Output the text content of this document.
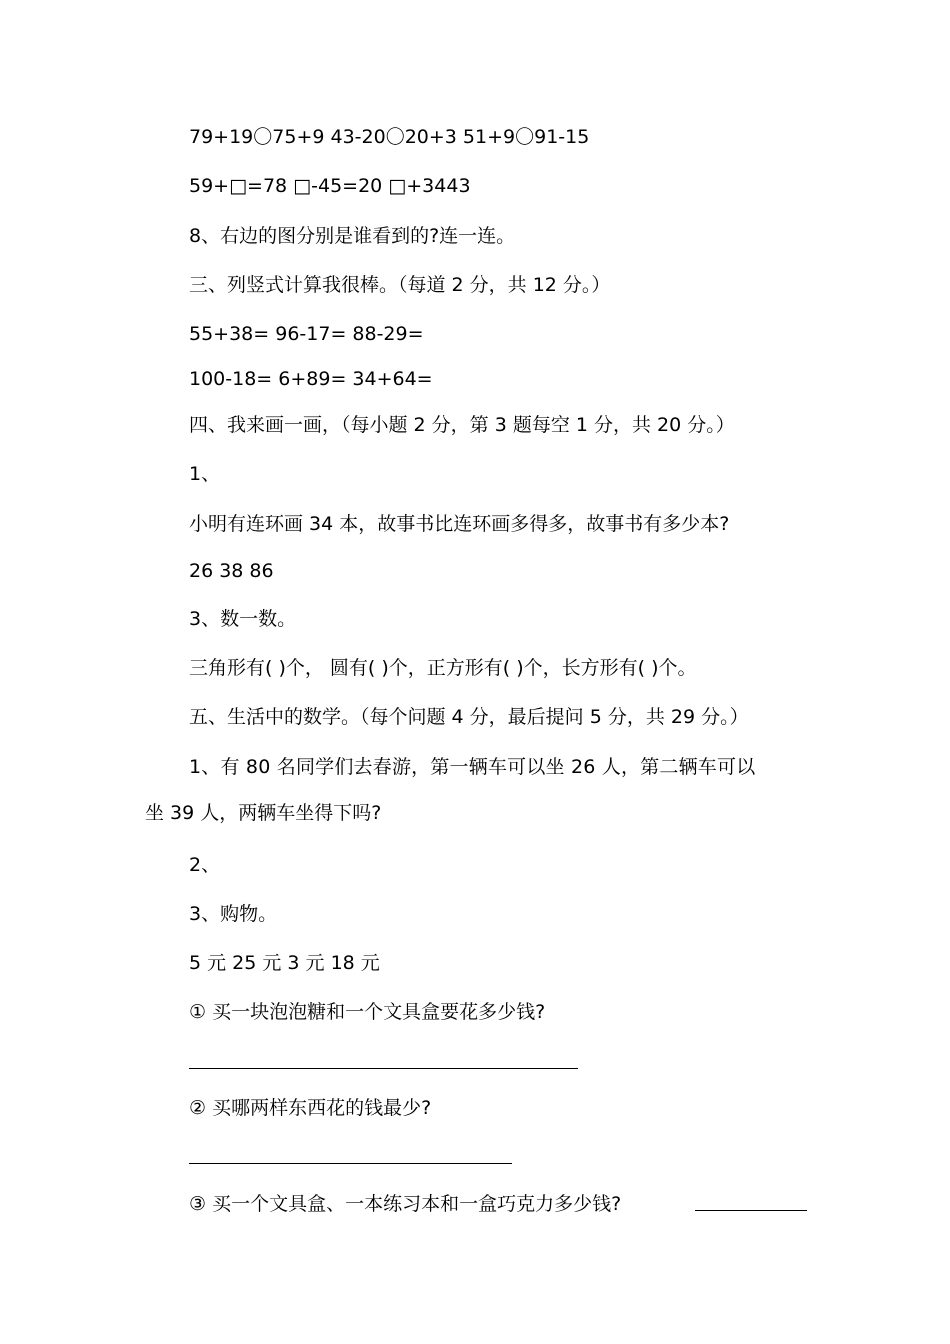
79+19〇75+9 43-20〇20+3 51+9〇91-15
59+□=78 □-45=20 □+3443
8、右边的图分别是谁看到的?连一连。
三、列竖式计算我很棒。（每道 2 分，共 12 分。）
55+38= 96-17= 88-29=
100-18= 6+89= 34+64=
四、我来画一画，（每小题 2 分，第 3 题每空 1 分，共 20 分。）
1、
小明有连环画 34 本，故事书比连环画多得多，故事书有多少本?
26 38 86
3、数一数。
三角形有( )个， 圆有( )个，正方形有( )个，长方形有( )个。
五、生活中的数学。（每个问题 4 分，最后提问 5 分，共 29 分。）
1、有 80 名同学们去春游，第一辆车可以坐 26 人，第二辆车可以
坐 39 人，两辆车坐得下吗?
2、
3、购物。
5 元 25 元 3 元 18 元
① 买一块泡泡糖和一个文具盒要花多少钱?
② 买哪两样东西花的钱最少?
③ 买一个文具盒、一本练习本和一盒巧克力多少钱?
